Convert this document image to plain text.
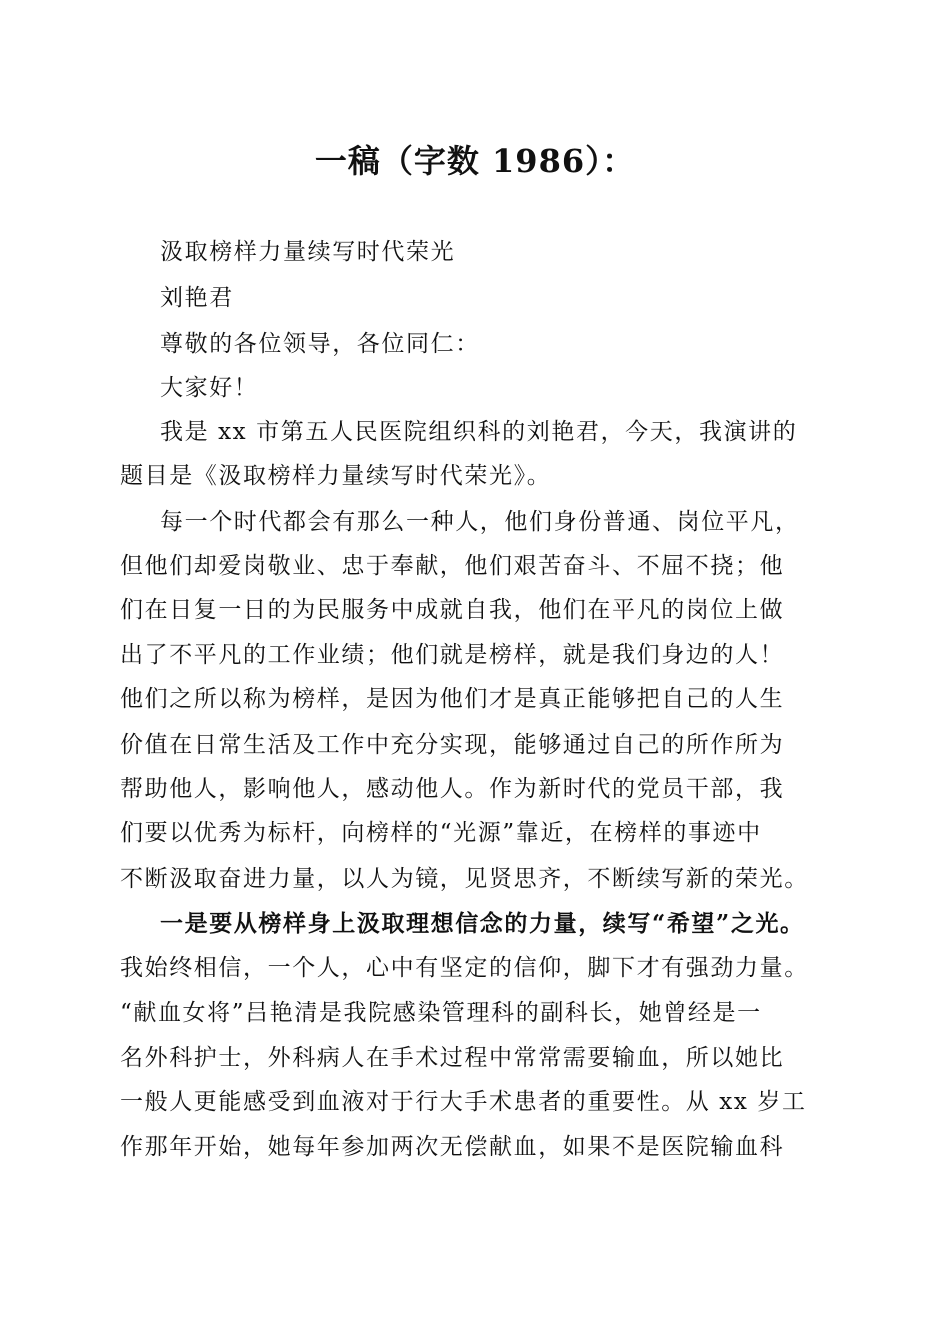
一稿（字数 1986）：
汲取榜样力量续写时代荣光
刘艳君
尊敬的各位领导，各位同仁：
大家好！
我是 xx 市第五人民医院组织科的刘艳君，今天，我演讲的
题目是《汲取榜样力量续写时代荣光》。
每一个时代都会有那么一种人，他们身份普通、岗位平凡，
但他们却爱岗敬业、忠于奉献，他们艰苦奋斗、不屈不挠；他
们在日复一日的为民服务中成就自我，他们在平凡的岗位上做
出了不平凡的工作业绩；他们就是榜样，就是我们身边的人！
他们之所以称为榜样，是因为他们才是真正能够把自己的人生
价值在日常生活及工作中充分实现，能够通过自己的所作所为
帮助他人，影响他人，感动他人。作为新时代的党员干部，我
们要以优秀为标杆，向榜样的“光源”靠近，在榜样的事迹中
不断汲取奋进力量，以人为镜，见贤思齐，不断续写新的荣光。
一是要从榜样身上汲取理想信念的力量，续写“希望”之光。
我始终相信，一个人，心中有坚定的信仰，脚下才有强劲力量。
“献血女将”吕艳清是我院感染管理科的副科长，她曾经是一
名外科护士，外科病人在手术过程中常常需要输血，所以她比
一般人更能感受到血液对于行大手术患者的重要性。从 xx 岁工
作那年开始，她每年参加两次无偿献血，如果不是医院输血科
